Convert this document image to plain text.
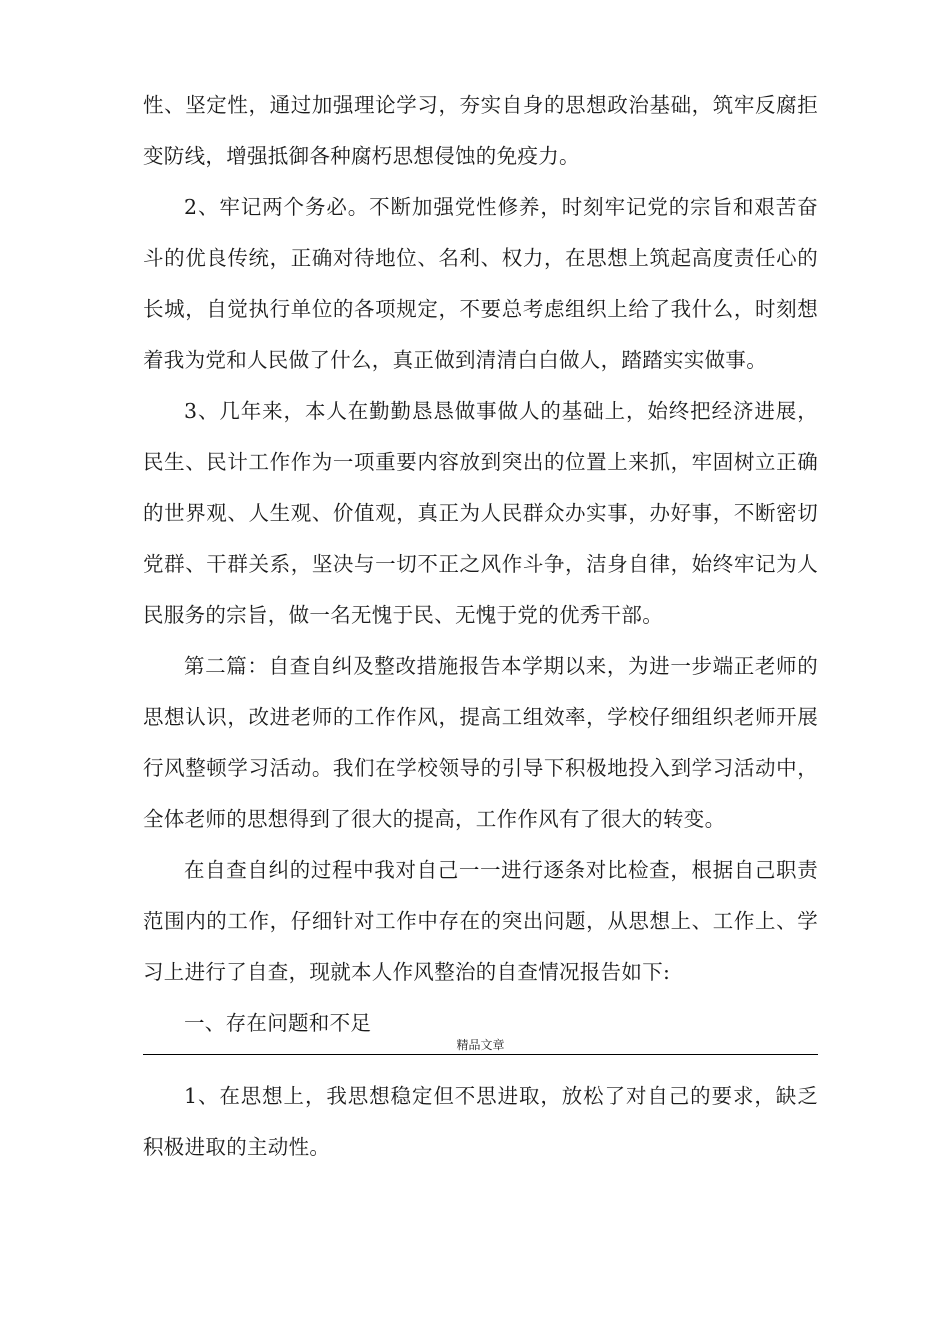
性、坚定性，通过加强理论学习，夯实自身的思想政治基础，筑牢反腐拒变防线，增强抵御各种腐朽思想侵蚀的免疫力。

2、牢记两个务必。不断加强党性修养，时刻牢记党的宗旨和艰苦奋斗的优良传统，正确对待地位、名利、权力，在思想上筑起高度责任心的长城，自觉执行单位的各项规定，不要总考虑组织上给了我什么，时刻想着我为党和人民做了什么，真正做到清清白白做人，踏踏实实做事。

3、几年来，本人在勤勤恳恳做事做人的基础上，始终把经济进展，民生、民计工作作为一项重要内容放到突出的位置上来抓，牢固树立正确的世界观、人生观、价值观，真正为人民群众办实事，办好事，不断密切党群、干群关系，坚决与一切不正之风作斗争，洁身自律，始终牢记为人民服务的宗旨，做一名无愧于民、无愧于党的优秀干部。

第二篇：自查自纠及整改措施报告本学期以来，为进一步端正老师的思想认识，改进老师的工作作风，提高工组效率，学校仔细组织老师开展行风整顿学习活动。我们在学校领导的引导下积极地投入到学习活动中，全体老师的思想得到了很大的提高，工作作风有了很大的转变。

在自查自纠的过程中我对自己一一进行逐条对比检查，根据自己职责范围内的工作，仔细针对工作中存在的突出问题，从思想上、工作上、学习上进行了自查，现就本人作风整治的自查情况报告如下:

一、存在问题和不足

精品文章

1、在思想上，我思想稳定但不思进取，放松了对自己的要求，缺乏积极进取的主动性。
